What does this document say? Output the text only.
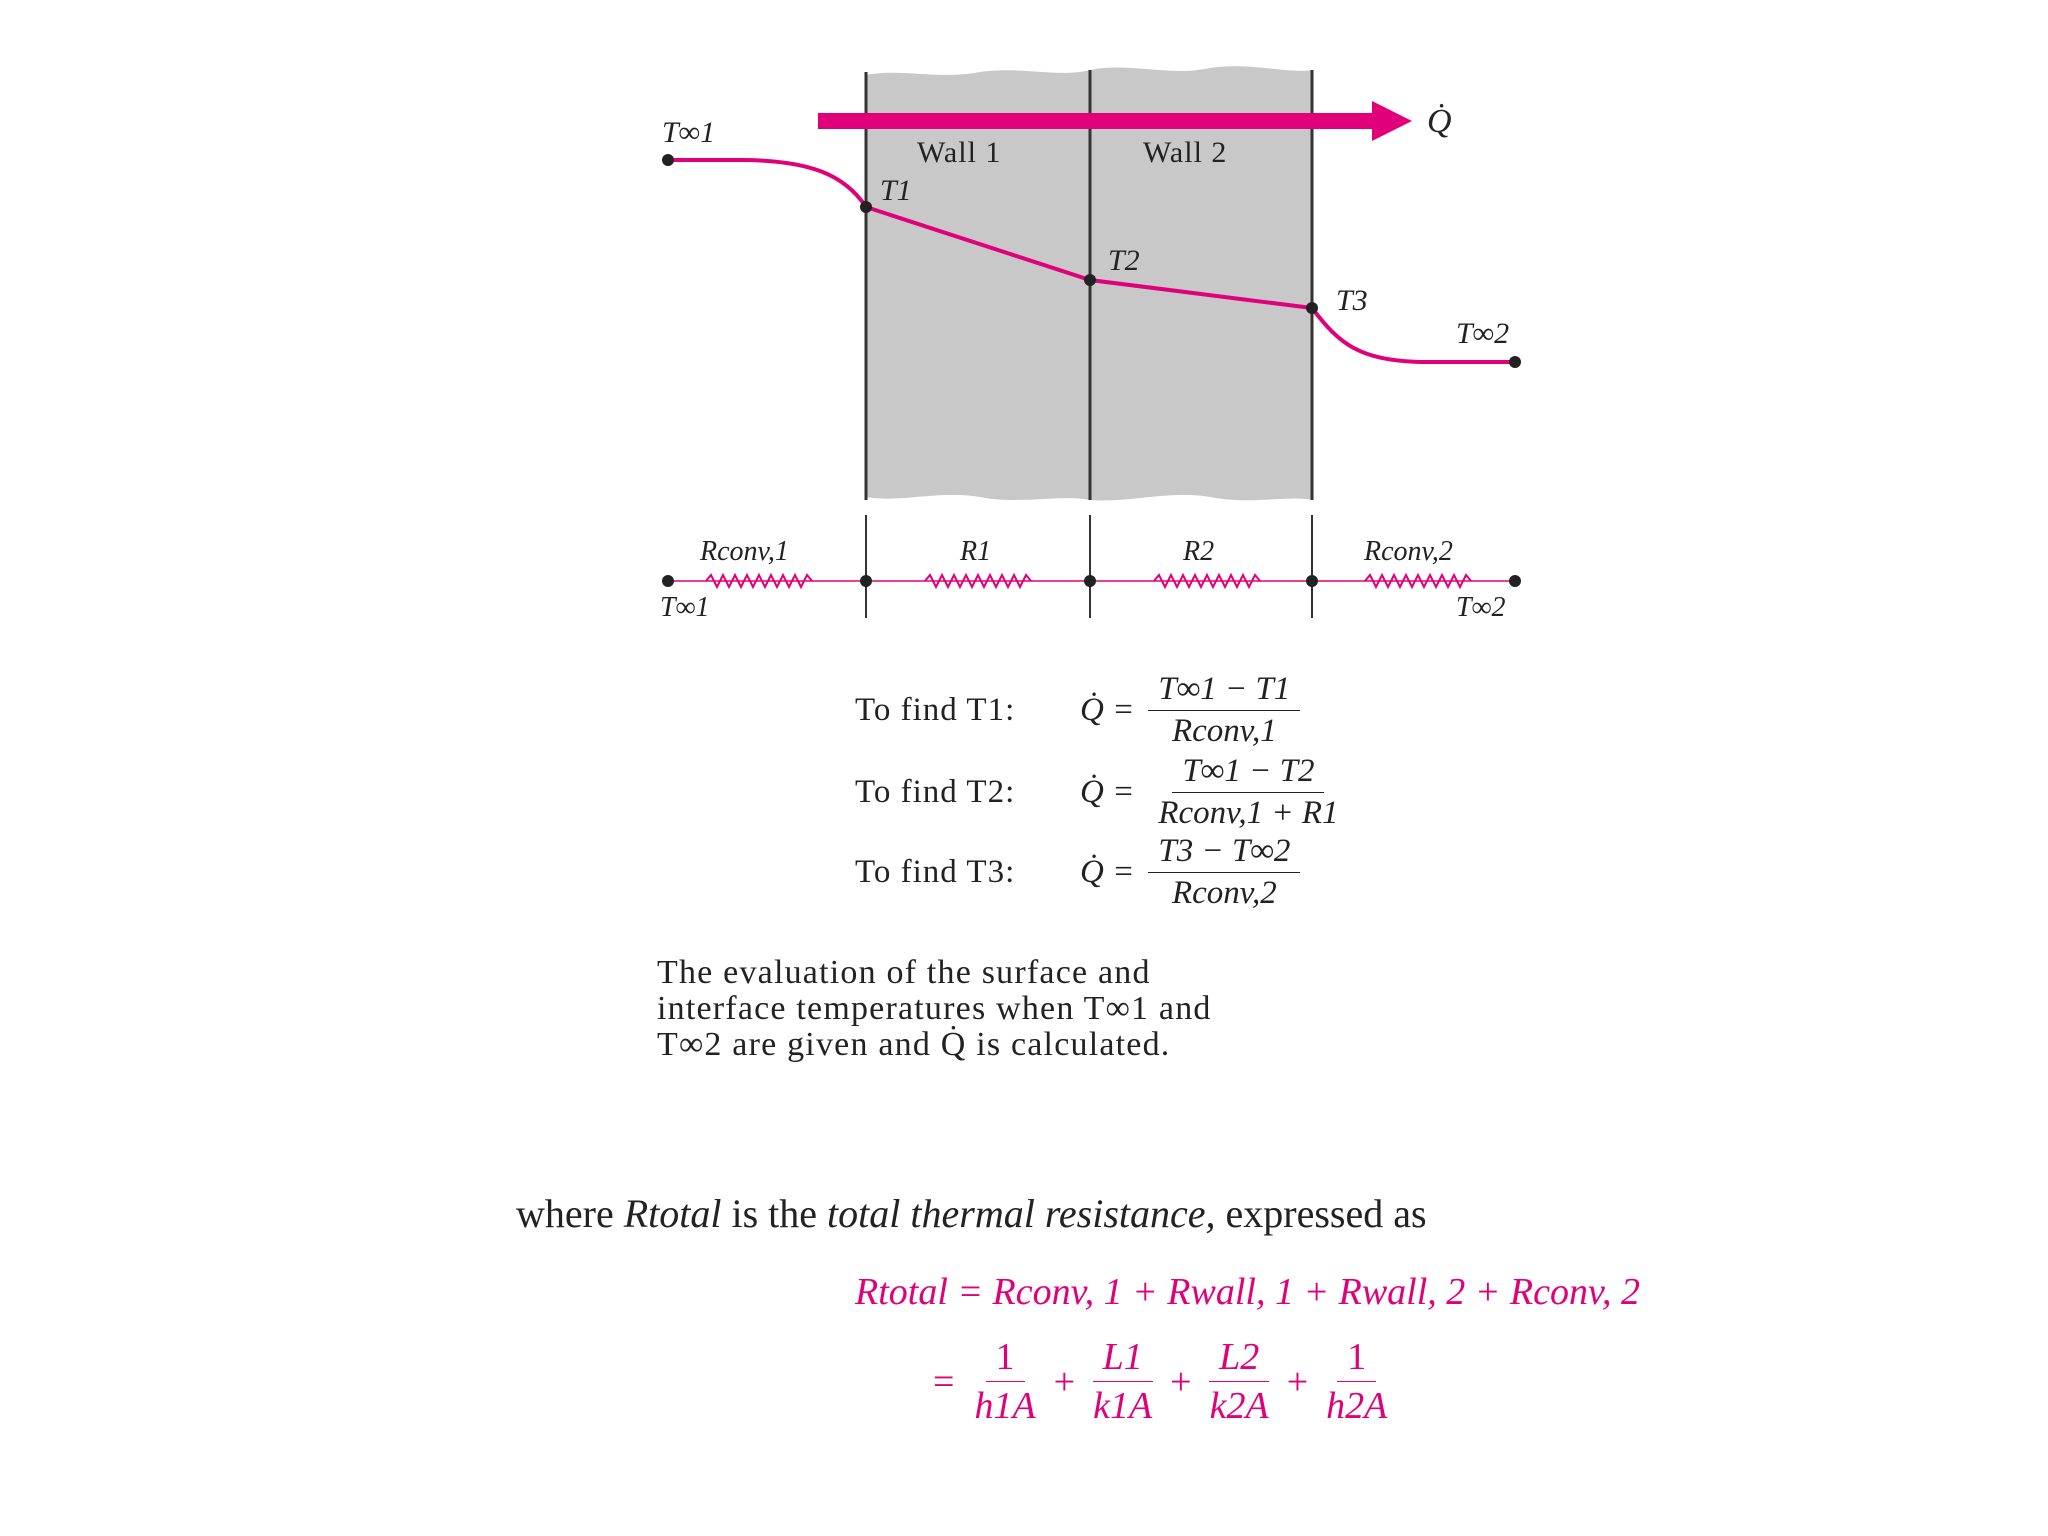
T∞1
Wall 1	Wall 2
T1
T2
T3
T∞2
Q̇
Rconv,1	R1	R2	Rconv,2
T∞1	T∞2
To find T1:	Q̇ = $\frac{T\infty 1 - T1}{\text{Rconv,1}}$
To find T2:	Q̇ = $\frac{T\infty 1 - T2}{\text{Rconv,1 + R1}}$
To find T3:	Q̇ = $\frac{T3 - T\infty 2}{\text{Rconv,2}}$
The evaluation of the surface and
interface temperatures when T∞1 and
T∞2 are given and Q̇ is calculated.
where Rtotal is the total thermal resistance, expressed as
Rtotal = Rconv, 1 + Rwall, 1 + Rwall, 2 + Rconv, 2
= $\frac{1}{h1A} + \frac{L1}{k1A} + \frac{L2}{k2A} + \frac{1}{h2A}$
